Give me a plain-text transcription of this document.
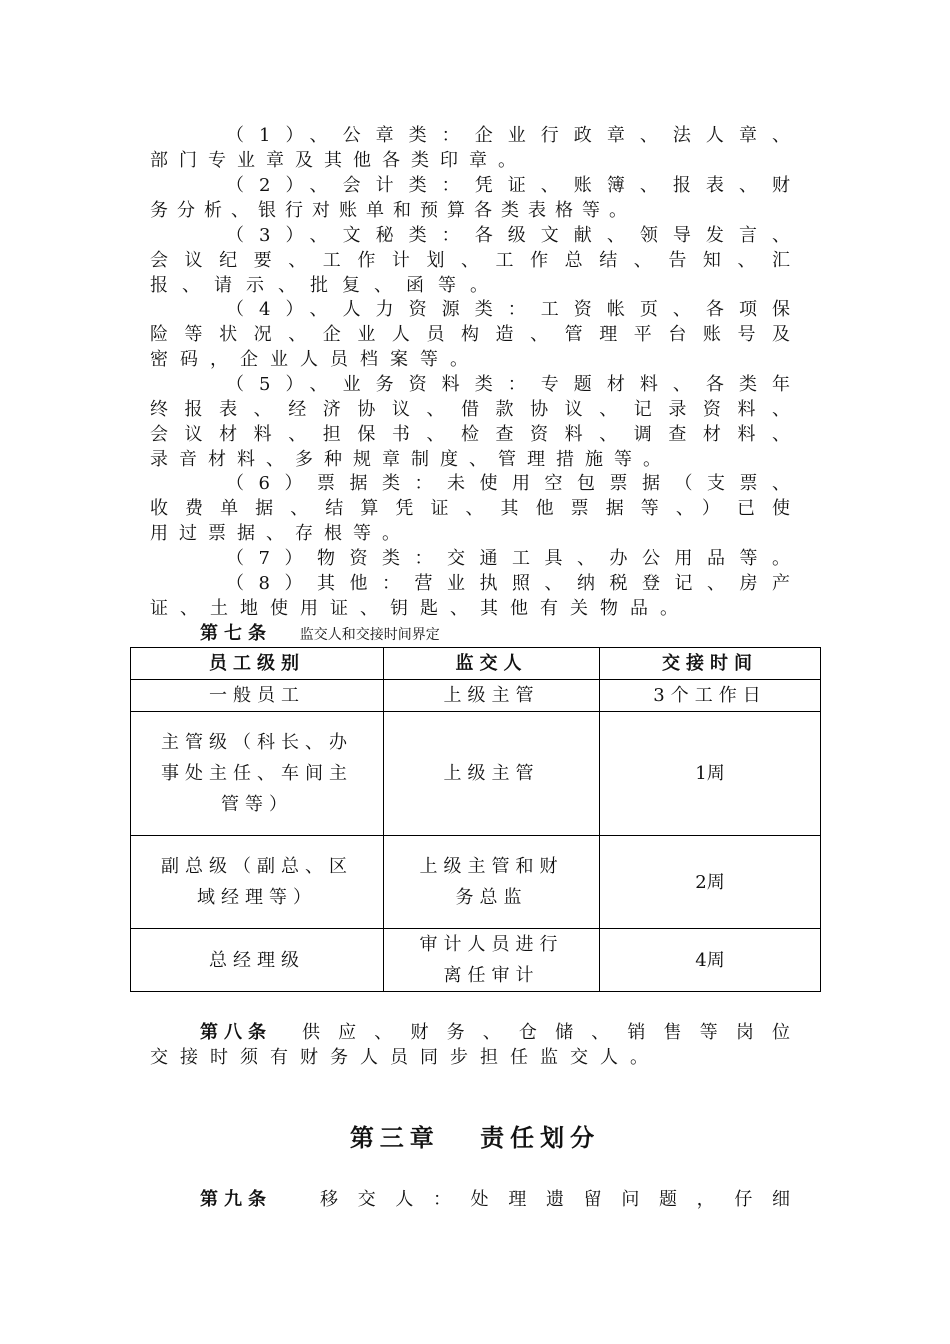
（1）、公章类：企业行政章、法人章、
部门专业章及其他各类印章。
（2）、会计类：凭证、账簿、报表、财
务分析、银行对账单和预算各类表格等。
（3）、文秘类：各级文献、领导发言、
会议纪要、工作计划、工作总结、告知、汇
报、请示、批复、函等。
（4）、人力资源类：工资帐页、各项保
险等状况、企业人员构造、管理平台账号及
密码，企业人员档案等。
（5）、业务资料类：专题材料、各类年
终报表、经济协议、借款协议、记录资料、
会议材料、担保书、检查资料、调查材料、
录音材料、多种规章制度、管理措施等。
（6）票据类：未使用空包票据（支票、
收费单据、结算凭证、其他票据等、）已使
用过票据、存根等。
（7）物资类：交通工具、办公用品等。
（8）其他：营业执照、纳税登记、房产
证、土地使用证、钥匙、其他有关物品。
第七条 监交人和交接时间界定
员工级别	监交人	交接时间
一般员工	上级主管	3个工作日
主管级（科长、办事处主任、车间主管等）	上级主管	1周
副总级（副总、区域经理等）	上级主管和财务总监	2周
总经理级	审计人员进行离任审计	4周
第八条 供应、财务、仓储、销售等岗位
交接时须有财务人员同步担任监交人。
第三章 责任划分
第九条	移交人：处理遗留问题，仔细
